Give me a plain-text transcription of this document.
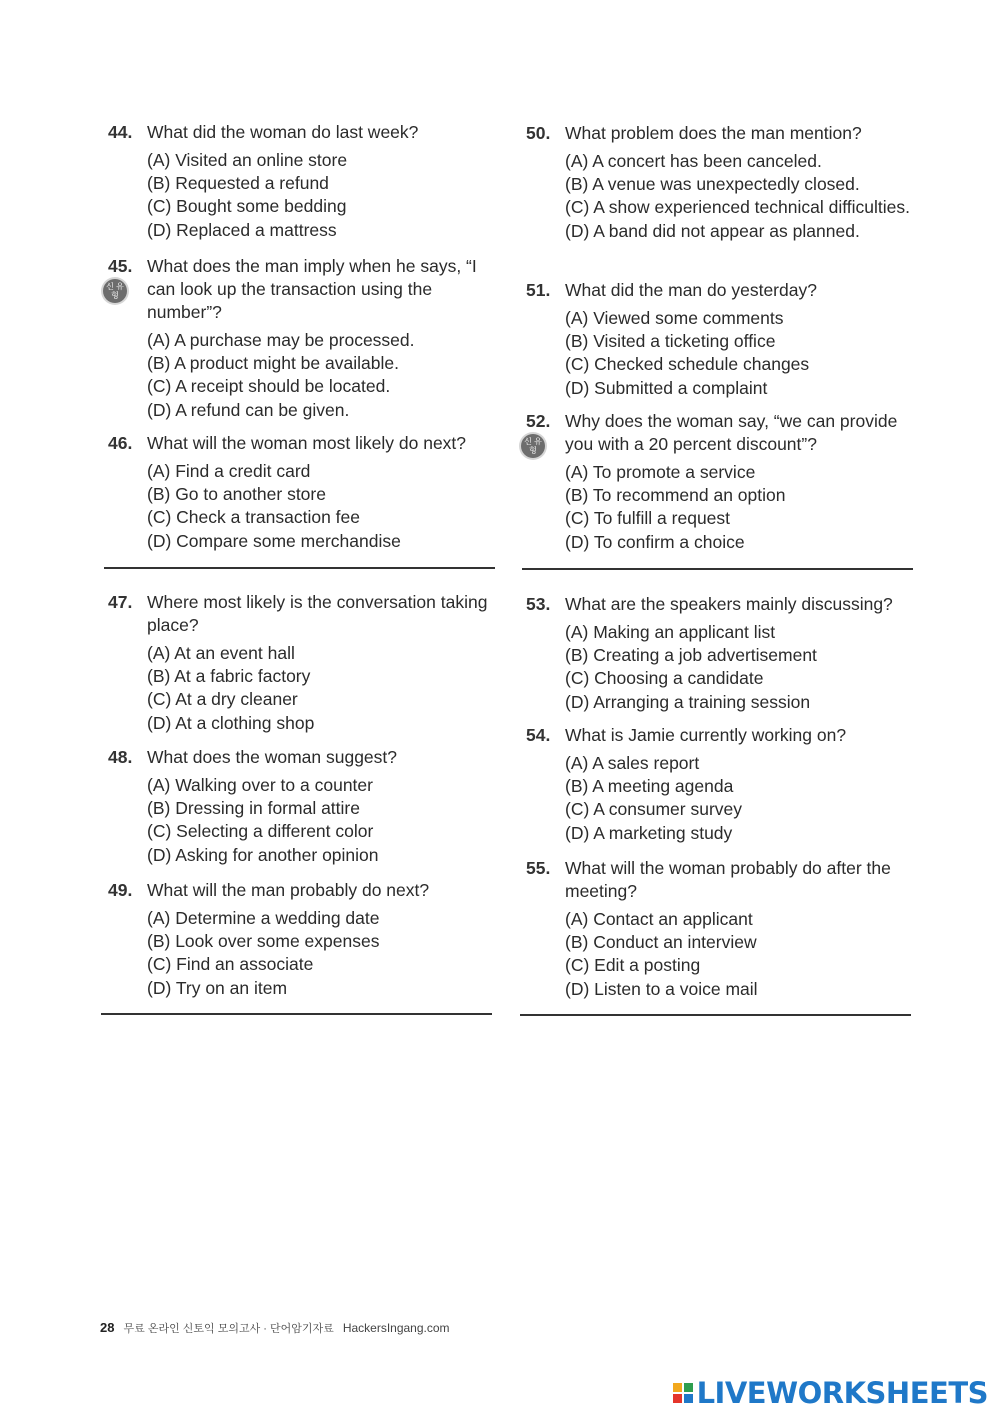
44. What did the woman do last week?
(A) Visited an online store
(B) Requested a refund
(C) Bought some bedding
(D) Replaced a mattress
45.
신 유형
What does the man imply when he says, “I can look up the transaction using the number”?
(A) A purchase may be processed.
(B) A product might be available.
(C) A receipt should be located.
(D) A refund can be given.
46. What will the woman most likely do next?
(A) Find a credit card
(B) Go to another store
(C) Check a transaction fee
(D) Compare some merchandise
47. Where most likely is the conversation taking place?
(A) At an event hall
(B) At a fabric factory
(C) At a dry cleaner
(D) At a clothing shop
48. What does the woman suggest?
(A) Walking over to a counter
(B) Dressing in formal attire
(C) Selecting a different color
(D) Asking for another opinion
49. What will the man probably do next?
(A) Determine a wedding date
(B) Look over some expenses
(C) Find an associate
(D) Try on an item
50. What problem does the man mention?
(A) A concert has been canceled.
(B) A venue was unexpectedly closed.
(C) A show experienced technical difficulties.
(D) A band did not appear as planned.
51. What did the man do yesterday?
(A) Viewed some comments
(B) Visited a ticketing office
(C) Checked schedule changes
(D) Submitted a complaint
52.
신 유형
Why does the woman say, “we can provide you with a 20 percent discount”?
(A) To promote a service
(B) To recommend an option
(C) To fulfill a request
(D) To confirm a choice
53. What are the speakers mainly discussing?
(A) Making an applicant list
(B) Creating a job advertisement
(C) Choosing a candidate
(D) Arranging a training session
54. What is Jamie currently working on?
(A) A sales report
(B) A meeting agenda
(C) A consumer survey
(D) A marketing study
55. What will the woman probably do after the meeting?
(A) Contact an applicant
(B) Conduct an interview
(C) Edit a posting
(D) Listen to a voice mail
28 무료 온라인 신토익 모의고사 · 단어암기자료 HackersIngang.com
LIVEWORKSHEETS
